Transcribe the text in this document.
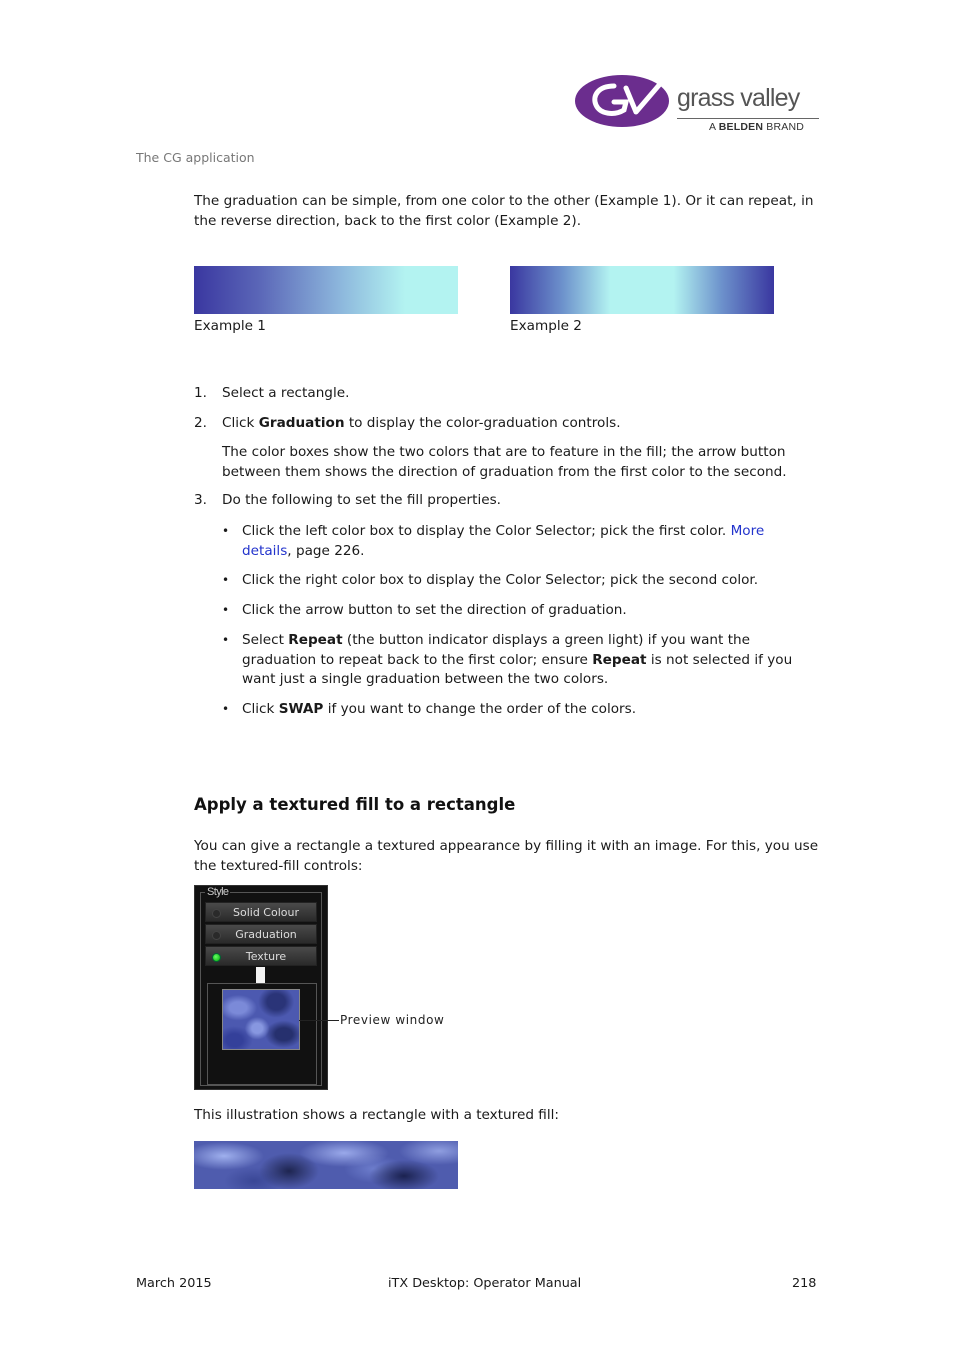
grass valley
A BELDEN BRAND
The CG application

The graduation can be simple, from one color to the other (Example 1). Or it can repeat, in the reverse direction, back to the first color (Example 2).

Example 1	Example 2
1. Select a rectangle.
2. Click Graduation to display the color-graduation controls.

The color boxes show the two colors that are to feature in the fill; the arrow button between them shows the direction of graduation from the first color to the second.

3. Do the following to set the fill properties.
• Click the left color box to display the Color Selector; pick the first color. More details, page 226.
• Click the right color box to display the Color Selector; pick the second color.
• Click the arrow button to set the direction of graduation.
• Select Repeat (the button indicator displays a green light) if you want the graduation to repeat back to the first color; ensure Repeat is not selected if you want just a single graduation between the two colors.
• Click SWAP if you want to change the order of the colors.
Apply a textured fill to a rectangle

You can give a rectangle a textured appearance by filling it with an image. For this, you use the textured-fill controls:

Style
Solid Colour
Graduation
Texture
Preview window

This illustration shows a rectangle with a textured fill:

March 2015	iTX Desktop: Operator Manual	218
